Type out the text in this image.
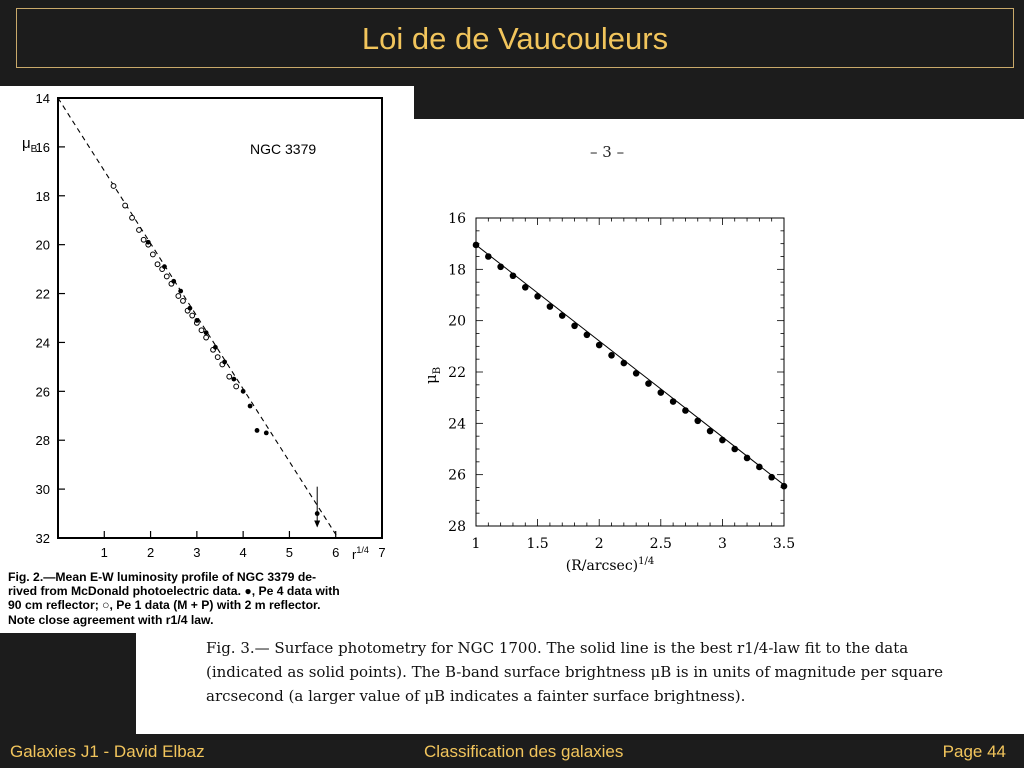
Loi de de Vaucouleurs
14
16
18
20
22
24
26
28
30
32
1	2	3	4	5	6	7
$\mu_B$
$r^{1/4}$
NGC 3379
Fig. 2.—Mean E-W luminosity profile of NGC 3379 de-
rived from McDonald photoelectric data. ●, Pe 4 data with
90 cm reflector; ○, Pe 1 data (M + P) with 2 m reflector.
Note close agreement with r1/4 law.
– 3 –
16
18
20
22
24
26
28
1	1.5	2	2.5	3	3.5
$\mu_B$
$(R/arcsec)^{1/4}$
Fig. 3.— Surface photometry for NGC 1700. The solid line is the best r1/4-law fit to the data
(indicated as solid points). The B-band surface brightness μB is in units of magnitude per square
arcsecond (a larger value of μB indicates a fainter surface brightness).
Galaxies J1 - David Elbaz	Classification des galaxies	Page 44
